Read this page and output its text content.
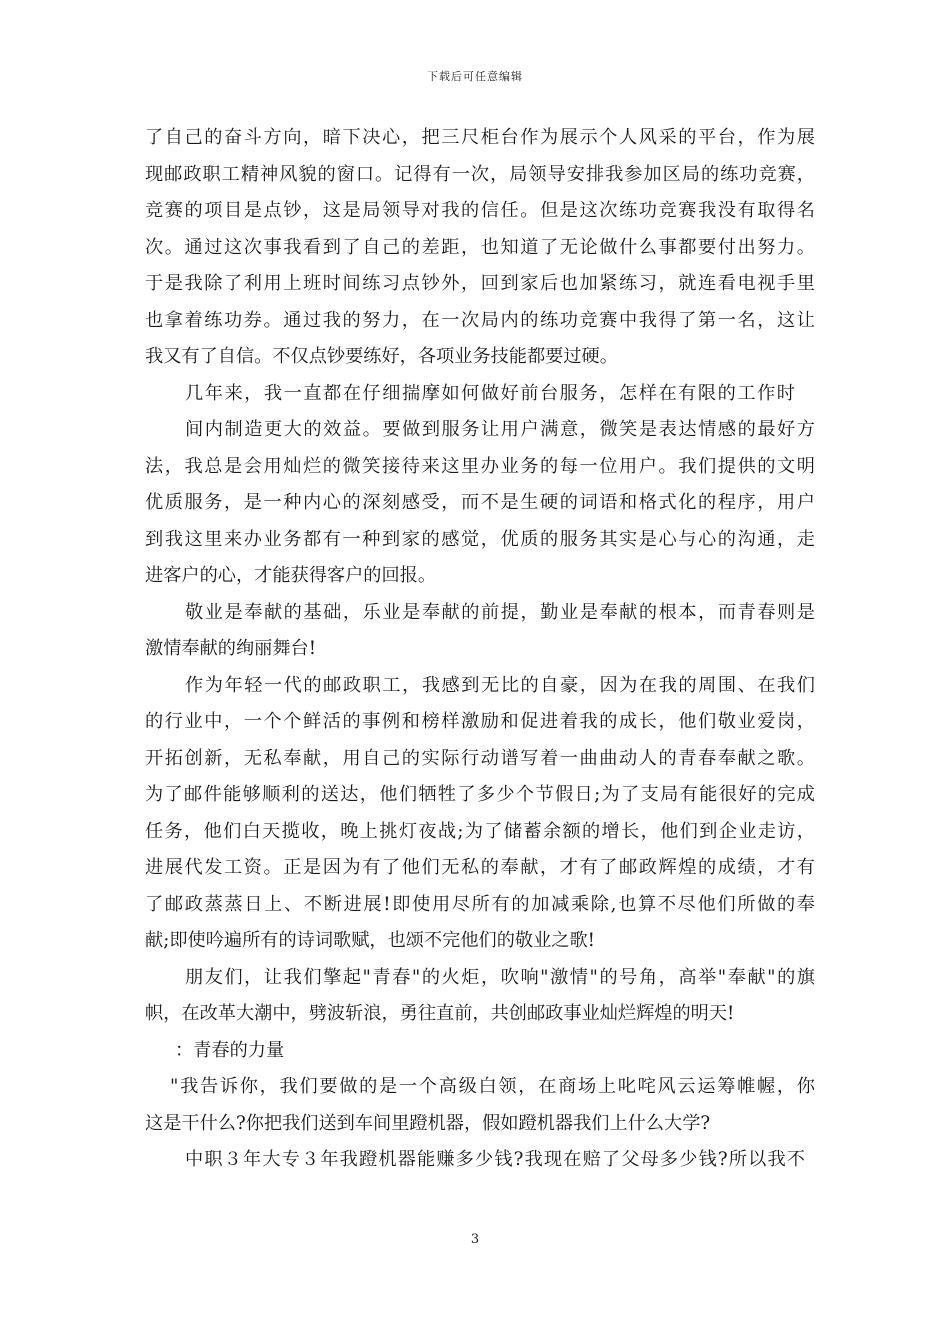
下载后可任意编辑
了自己的奋斗方向，暗下决心，把三尺柜台作为展示个人风采的平台，作为展
现邮政职工精神风貌的窗口。记得有一次，局领导安排我参加区局的练功竞赛，
竞赛的项目是点钞，这是局领导对我的信任。但是这次练功竞赛我没有取得名
次。通过这次事我看到了自己的差距，也知道了无论做什么事都要付出努力。
于是我除了利用上班时间练习点钞外，回到家后也加紧练习，就连看电视手里
也拿着练功券。通过我的努力，在一次局内的练功竞赛中我得了第一名，这让
我又有了自信。不仅点钞要练好，各项业务技能都要过硬。
几年来，我一直都在仔细揣摩如何做好前台服务，怎样在有限的工作时
间内制造更大的效益。要做到服务让用户满意，微笑是表达情感的最好方
法，我总是会用灿烂的微笑接待来这里办业务的每一位用户。我们提供的文明
优质服务，是一种内心的深刻感受，而不是生硬的词语和格式化的程序，用户
到我这里来办业务都有一种到家的感觉，优质的服务其实是心与心的沟通，走
进客户的心，才能获得客户的回报。
敬业是奉献的基础，乐业是奉献的前提，勤业是奉献的根本，而青春则是
激情奉献的绚丽舞台!
作为年轻一代的邮政职工，我感到无比的自豪，因为在我的周围、在我们
的行业中，一个个鲜活的事例和榜样激励和促进着我的成长，他们敬业爱岗，
开拓创新，无私奉献，用自己的实际行动谱写着一曲曲动人的青春奉献之歌。
为了邮件能够顺利的送达，他们牺牲了多少个节假日;为了支局有能很好的完成
任务，他们白天揽收，晚上挑灯夜战;为了储蓄余额的增长，他们到企业走访，
进展代发工资。正是因为有了他们无私的奉献，才有了邮政辉煌的成绩，才有
了邮政蒸蒸日上、不断进展!即使用尽所有的加减乘除,也算不尽他们所做的奉
献;即使吟遍所有的诗词歌赋，也颂不完他们的敬业之歌!
朋友们，让我们擎起"青春"的火炬，吹响"激情"的号角，高举"奉献"的旗
帜，在改革大潮中，劈波斩浪，勇往直前，共创邮政事业灿烂辉煌的明天!
：青春的力量
"我告诉你，我们要做的是一个高级白领，在商场上叱咤风云运筹帷幄，你
这是干什么?你把我们送到车间里蹬机器，假如蹬机器我们上什么大学?
中职３年大专３年我蹬机器能赚多少钱?我现在赔了父母多少钱?所以我不
3
